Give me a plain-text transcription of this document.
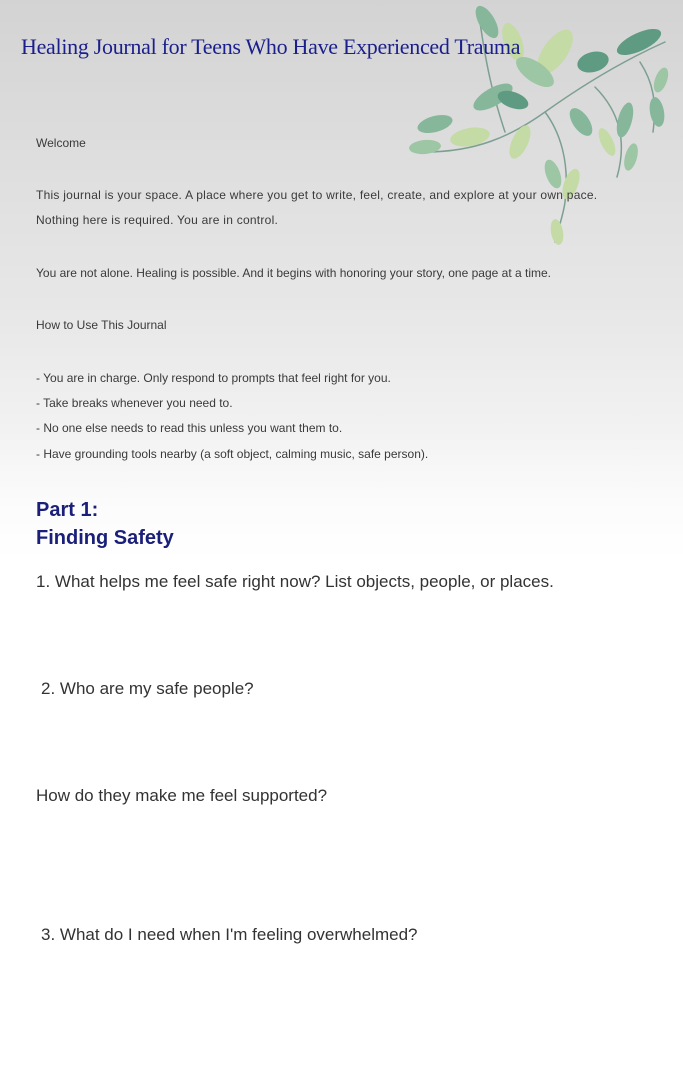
Healing Journal for Teens Who Have Experienced Trauma

Welcome

This journal is your space. A place where you get to write, feel, create, and explore at your own pace.

Nothing here is required. You are in control.

You are not alone. Healing is possible. And it begins with honoring your story, one page at a time.

How to Use This Journal

- You are in charge. Only respond to prompts that feel right for you.

- Take breaks whenever you need to.

- No one else needs to read this unless you want them to.

- Have grounding tools nearby (a soft object, calming music, safe person).

Part 1:
Finding Safety

1. What helps me feel safe right now? List objects, people, or places.

2. Who are my safe people?

How do they make me feel supported?

3. What do I need when I'm feeling overwhelmed?
